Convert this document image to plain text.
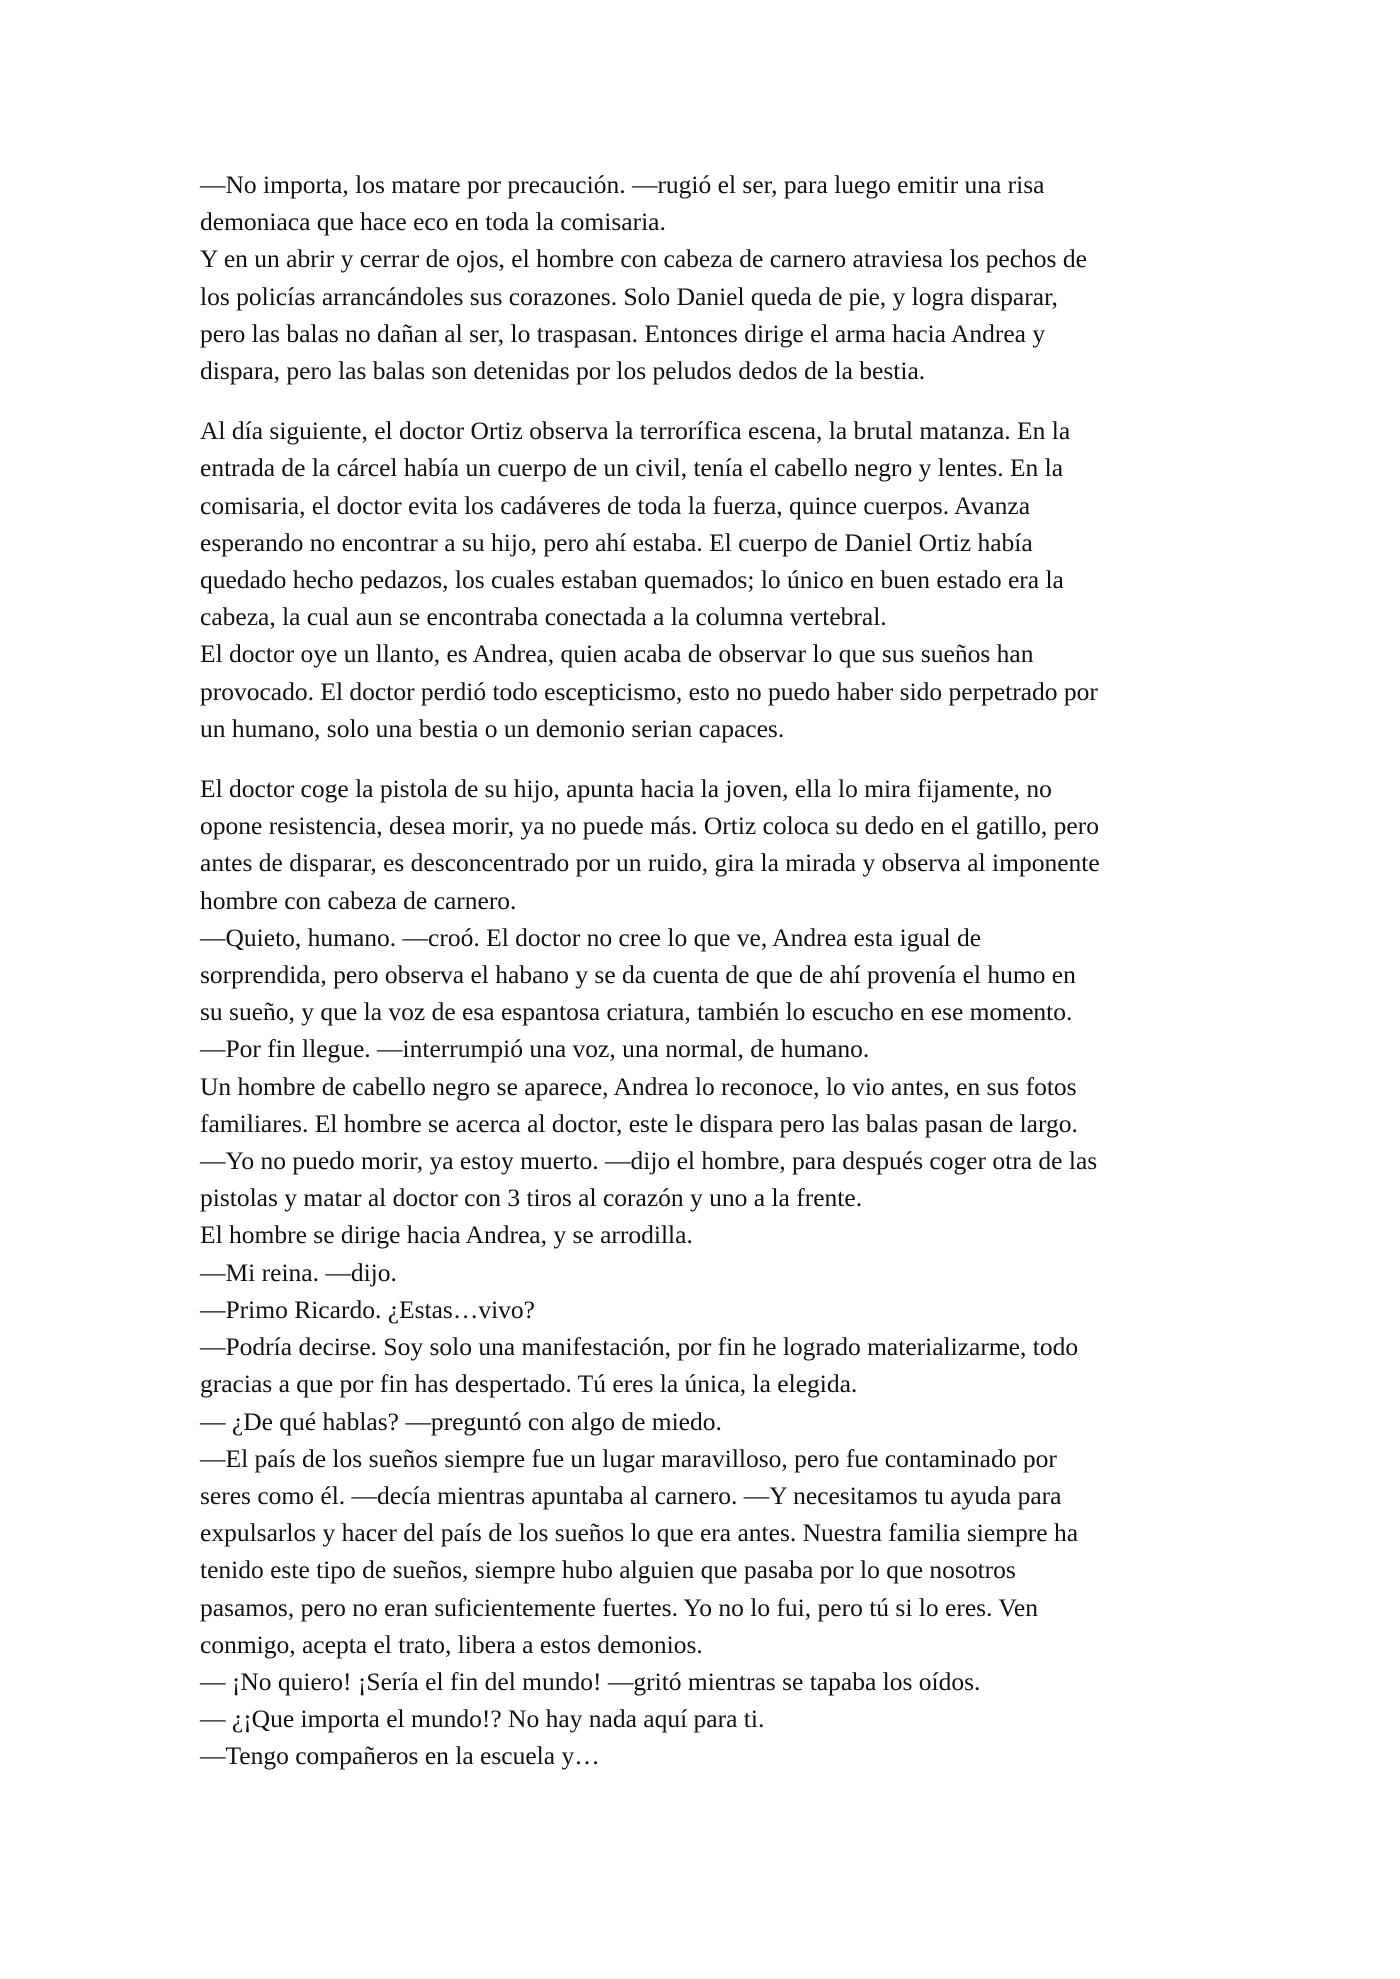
—No importa, los matare por precaución. —rugió el ser, para luego emitir una risa
demoniaca que hace eco en toda la comisaria.
Y en un abrir y cerrar de ojos, el hombre con cabeza de carnero atraviesa los pechos de
los policías arrancándoles sus corazones. Solo Daniel queda de pie, y logra disparar,
pero las balas no dañan al ser, lo traspasan. Entonces dirige el arma hacia Andrea y
dispara, pero las balas son detenidas por los peludos dedos de la bestia.

Al día siguiente, el doctor Ortiz observa la terrorífica escena, la brutal matanza. En la
entrada de la cárcel había un cuerpo de un civil, tenía el cabello negro y lentes. En la
comisaria, el doctor evita los cadáveres de toda la fuerza, quince cuerpos. Avanza
esperando no encontrar a su hijo, pero ahí estaba. El cuerpo de Daniel Ortiz había
quedado hecho pedazos, los cuales estaban quemados; lo único en buen estado era la
cabeza, la cual aun se encontraba conectada a la columna vertebral.
El doctor oye un llanto, es Andrea, quien acaba de observar lo que sus sueños han
provocado. El doctor perdió todo escepticismo, esto no puedo haber sido perpetrado por
un humano, solo una bestia o un demonio serian capaces.

El doctor coge la pistola de su hijo, apunta hacia la joven, ella lo mira fijamente, no
opone resistencia, desea morir, ya no puede más. Ortiz coloca su dedo en el gatillo, pero
antes de disparar, es desconcentrado por un ruido, gira la mirada y observa al imponente
hombre con cabeza de carnero.
—Quieto, humano. —croó. El doctor no cree lo que ve, Andrea esta igual de
sorprendida, pero observa el habano y se da cuenta de que de ahí provenía el humo en
su sueño, y que la voz de esa espantosa criatura, también lo escucho en ese momento.
—Por fin llegue. —interrumpió una voz, una normal, de humano.
Un hombre de cabello negro se aparece, Andrea lo reconoce, lo vio antes, en sus fotos
familiares. El hombre se acerca al doctor, este le dispara pero las balas pasan de largo.
—Yo no puedo morir, ya estoy muerto. —dijo el hombre, para después coger otra de las
pistolas y matar al doctor con 3 tiros al corazón y uno a la frente.
El hombre se dirige hacia Andrea, y se arrodilla.
—Mi reina. —dijo.
—Primo Ricardo. ¿Estas…vivo?
—Podría decirse. Soy solo una manifestación, por fin he logrado materializarme, todo
gracias a que por fin has despertado. Tú eres la única, la elegida.
— ¿De qué hablas? —preguntó con algo de miedo.
—El país de los sueños siempre fue un lugar maravilloso, pero fue contaminado por
seres como él. —decía mientras apuntaba al carnero. —Y necesitamos tu ayuda para
expulsarlos y hacer del país de los sueños lo que era antes. Nuestra familia siempre ha
tenido este tipo de sueños, siempre hubo alguien que pasaba por lo que nosotros
pasamos, pero no eran suficientemente fuertes. Yo no lo fui, pero tú si lo eres. Ven
conmigo, acepta el trato, libera a estos demonios.
— ¡No quiero! ¡Sería el fin del mundo! —gritó mientras se tapaba los oídos.
— ¿¡Que importa el mundo!? No hay nada aquí para ti.
—Tengo compañeros en la escuela y…
